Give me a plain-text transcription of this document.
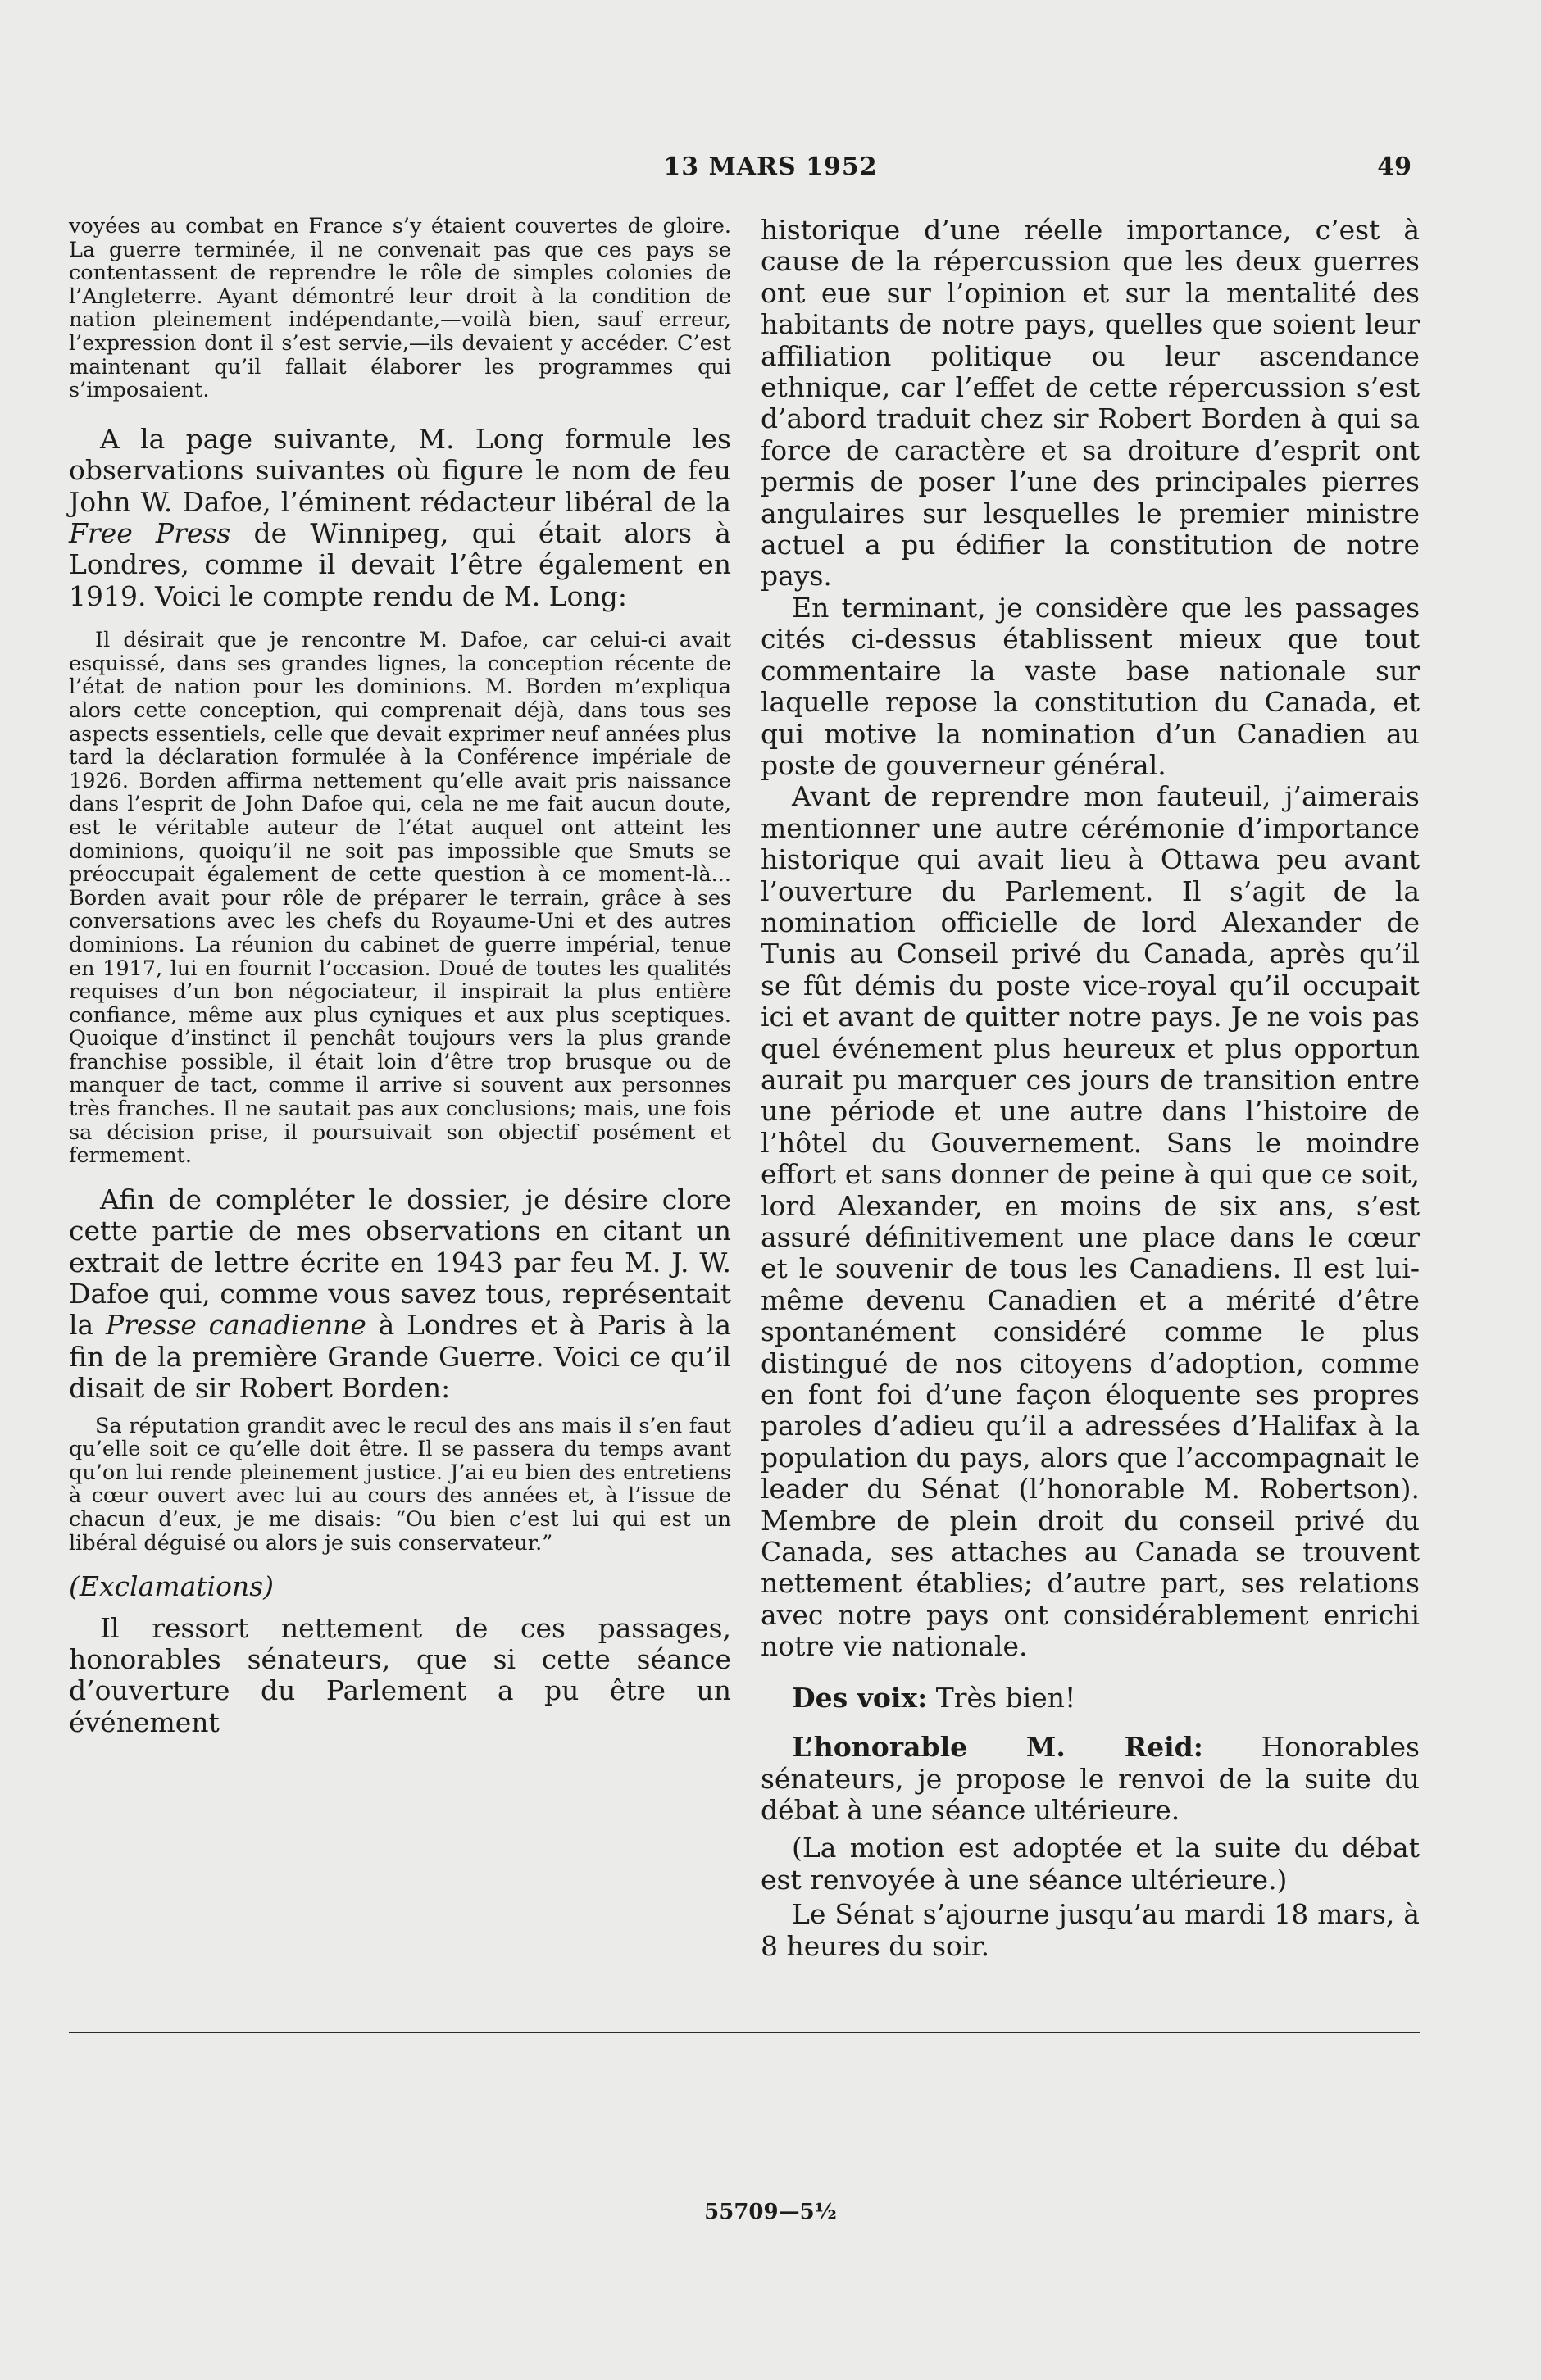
13 MARS 1952	49

voyées au combat en France s’y étaient couvertes de gloire. La guerre terminée, il ne convenait pas que ces pays se contentassent de reprendre le rôle de simples colonies de l’Angleterre. Ayant démontré leur droit à la condition de nation pleinement indépendante,—voilà bien, sauf erreur, l’expression dont il s’est servie,—ils devaient y accéder. C’est maintenant qu’il fallait élaborer les programmes qui s’imposaient.

A la page suivante, M. Long formule les observations suivantes où figure le nom de feu John W. Dafoe, l’éminent rédacteur libéral de la Free Press de Winnipeg, qui était alors à Londres, comme il devait l’être également en 1919. Voici le compte rendu de M. Long:

Il désirait que je rencontre M. Dafoe, car celui-ci avait esquissé, dans ses grandes lignes, la conception récente de l’état de nation pour les dominions. M. Borden m’expliqua alors cette conception, qui comprenait déjà, dans tous ses aspects essentiels, celle que devait exprimer neuf années plus tard la déclaration formulée à la Conférence impériale de 1926. Borden affirma nettement qu’elle avait pris naissance dans l’esprit de John Dafoe qui, cela ne me fait aucun doute, est le véritable auteur de l’état auquel ont atteint les dominions, quoiqu’il ne soit pas impossible que Smuts se préoccupait également de cette question à ce moment-là... Borden avait pour rôle de préparer le terrain, grâce à ses conversations avec les chefs du Royaume-Uni et des autres dominions. La réunion du cabinet de guerre impérial, tenue en 1917, lui en fournit l’occasion. Doué de toutes les qualités requises d’un bon négociateur, il inspirait la plus entière confiance, même aux plus cyniques et aux plus sceptiques. Quoique d’instinct il penchât toujours vers la plus grande franchise possible, il était loin d’être trop brusque ou de manquer de tact, comme il arrive si souvent aux personnes très franches. Il ne sautait pas aux conclusions; mais, une fois sa décision prise, il poursuivait son objectif posément et fermement.

Afin de compléter le dossier, je désire clore cette partie de mes observations en citant un extrait de lettre écrite en 1943 par feu M. J. W. Dafoe qui, comme vous savez tous, représentait la Presse canadienne à Londres et à Paris à la fin de la première Grande Guerre. Voici ce qu’il disait de sir Robert Borden:

Sa réputation grandit avec le recul des ans mais il s’en faut qu’elle soit ce qu’elle doit être. Il se passera du temps avant qu’on lui rende pleinement justice. J’ai eu bien des entretiens à cœur ouvert avec lui au cours des années et, à l’issue de chacun d’eux, je me disais: “Ou bien c’est lui qui est un libéral déguisé ou alors je suis conservateur.”

(Exclamations)

Il ressort nettement de ces passages, honorables sénateurs, que si cette séance d’ouverture du Parlement a pu être un événement

historique d’une réelle importance, c’est à cause de la répercussion que les deux guerres ont eue sur l’opinion et sur la mentalité des habitants de notre pays, quelles que soient leur affiliation politique ou leur ascendance ethnique, car l’effet de cette répercussion s’est d’abord traduit chez sir Robert Borden à qui sa force de caractère et sa droiture d’esprit ont permis de poser l’une des principales pierres angulaires sur lesquelles le premier ministre actuel a pu édifier la constitution de notre pays.

En terminant, je considère que les passages cités ci-dessus établissent mieux que tout commentaire la vaste base nationale sur laquelle repose la constitution du Canada, et qui motive la nomination d’un Canadien au poste de gouverneur général.

Avant de reprendre mon fauteuil, j’aimerais mentionner une autre cérémonie d’importance historique qui avait lieu à Ottawa peu avant l’ouverture du Parlement. Il s’agit de la nomination officielle de lord Alexander de Tunis au Conseil privé du Canada, après qu’il se fût démis du poste vice-royal qu’il occupait ici et avant de quitter notre pays. Je ne vois pas quel événement plus heureux et plus opportun aurait pu marquer ces jours de transition entre une période et une autre dans l’histoire de l’hôtel du Gouvernement. Sans le moindre effort et sans donner de peine à qui que ce soit, lord Alexander, en moins de six ans, s’est assuré définitivement une place dans le cœur et le souvenir de tous les Canadiens. Il est lui-même devenu Canadien et a mérité d’être spontanément considéré comme le plus distingué de nos citoyens d’adoption, comme en font foi d’une façon éloquente ses propres paroles d’adieu qu’il a adressées d’Halifax à la population du pays, alors que l’accompagnait le leader du Sénat (l’honorable M. Robertson). Membre de plein droit du conseil privé du Canada, ses attaches au Canada se trouvent nettement établies; d’autre part, ses relations avec notre pays ont considérablement enrichi notre vie nationale.

Des voix: Très bien!

L’honorable M. Reid: Honorables sénateurs, je propose le renvoi de la suite du débat à une séance ultérieure.

(La motion est adoptée et la suite du débat est renvoyée à une séance ultérieure.)

Le Sénat s’ajourne jusqu’au mardi 18 mars, à 8 heures du soir.

55709—5½
